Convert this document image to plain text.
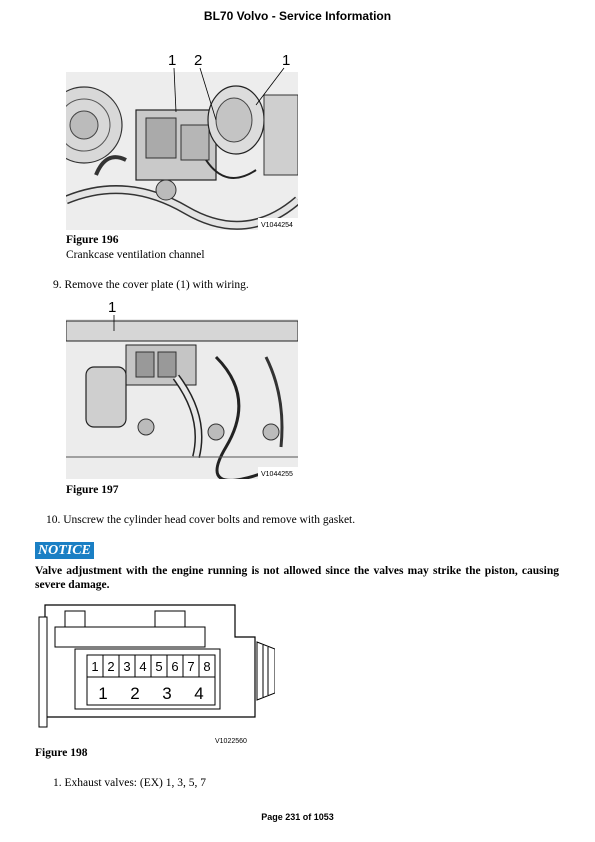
BL70 Volvo - Service Information
1 2	1
V1044254
Figure 196
Crankcase ventilation channel
9. Remove the cover plate (1) with wiring.
1
V1044255
Figure 197
10. Unscrew the cylinder head cover bolts and remove with gasket.
NOTICE
Valve adjustment with the engine running is not allowed since the valves may strike the piston, causing severe damage.
1 2 3 4 5 6 7 8
1 2 3 4
V1022560
Figure 198
1. Exhaust valves: (EX) 1, 3, 5, 7
Page 231 of 1053
